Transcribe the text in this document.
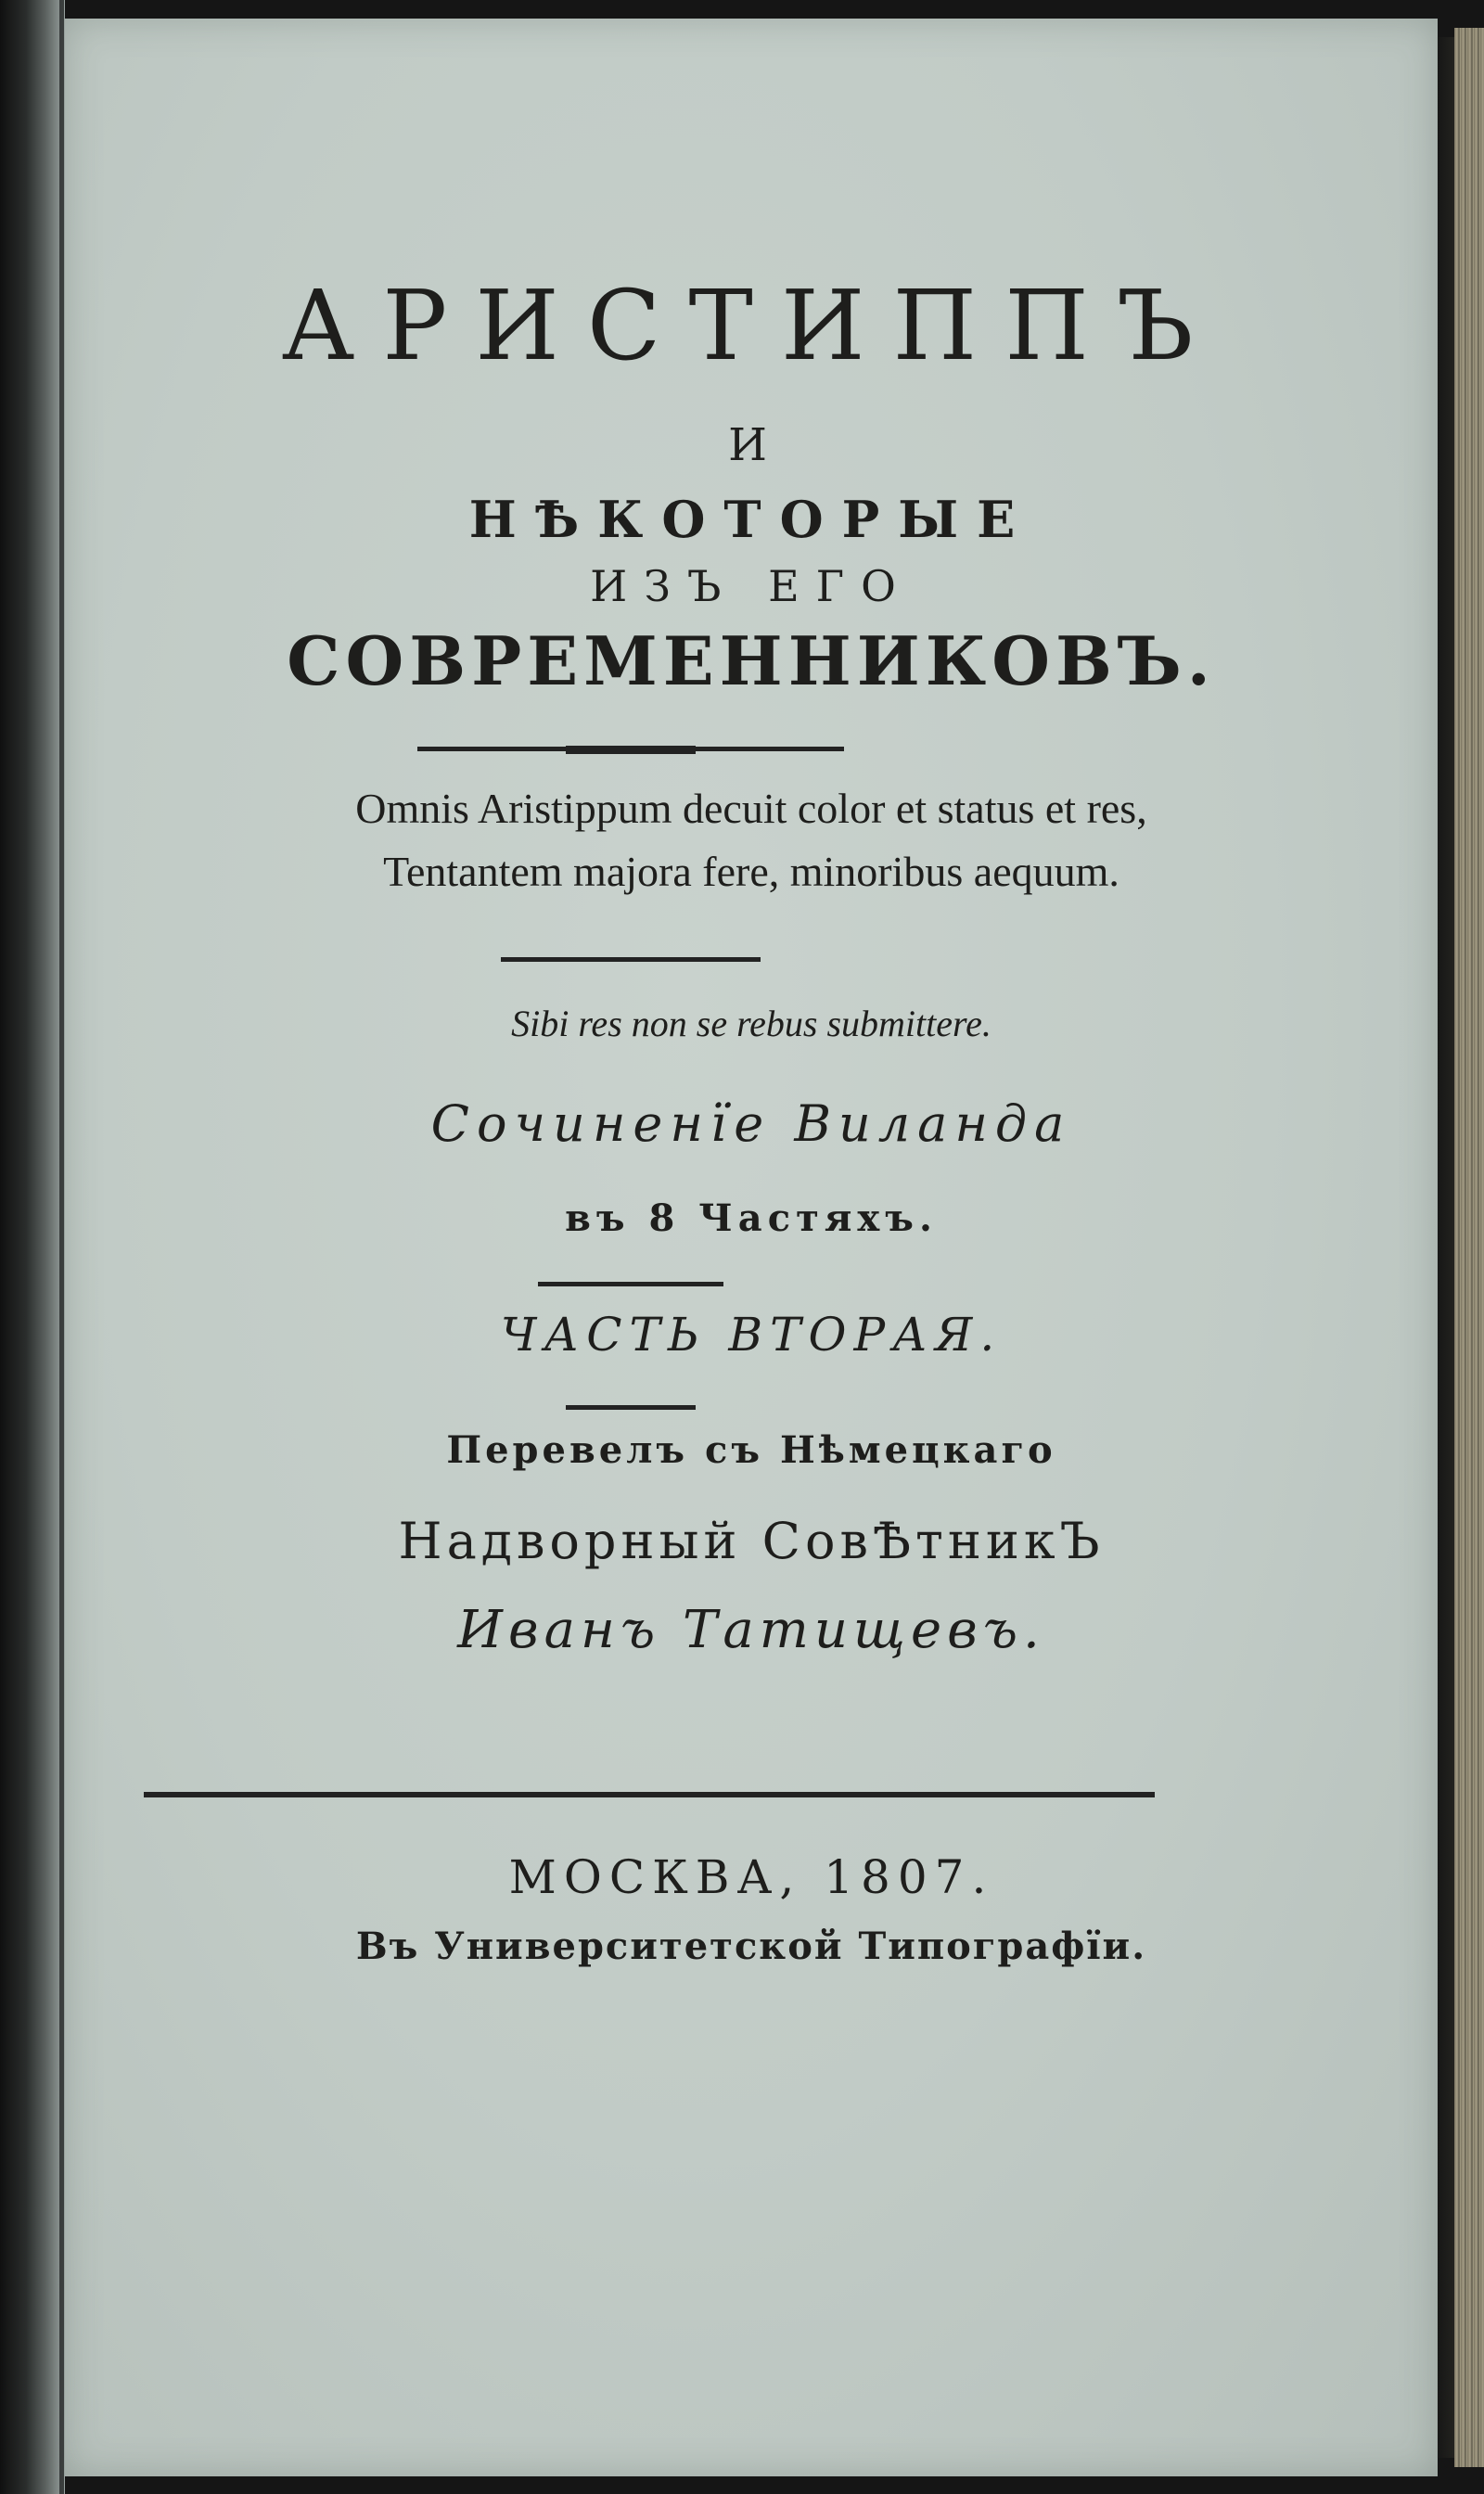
АРИСТИППЪ
И
НѢКОТОРЫЕ
ИЗЪ ЕГО
СОВРЕМЕННИКОВЪ.
Omnis Aristippum decuit color et status et res,
Tentantem majora fere, minoribus aequum.
Sibi res non se rebus submittere.
Сочиненїе Виланда
въ 8 Частяхъ.
ЧАСТЬ ВТОРАЯ.
Перевелъ съ Нѣмецкаго
Надворный СовѢтникЪ
Иванъ Татищевъ.
МОСКВА, 1807.
Въ Университетской Типографїи.
